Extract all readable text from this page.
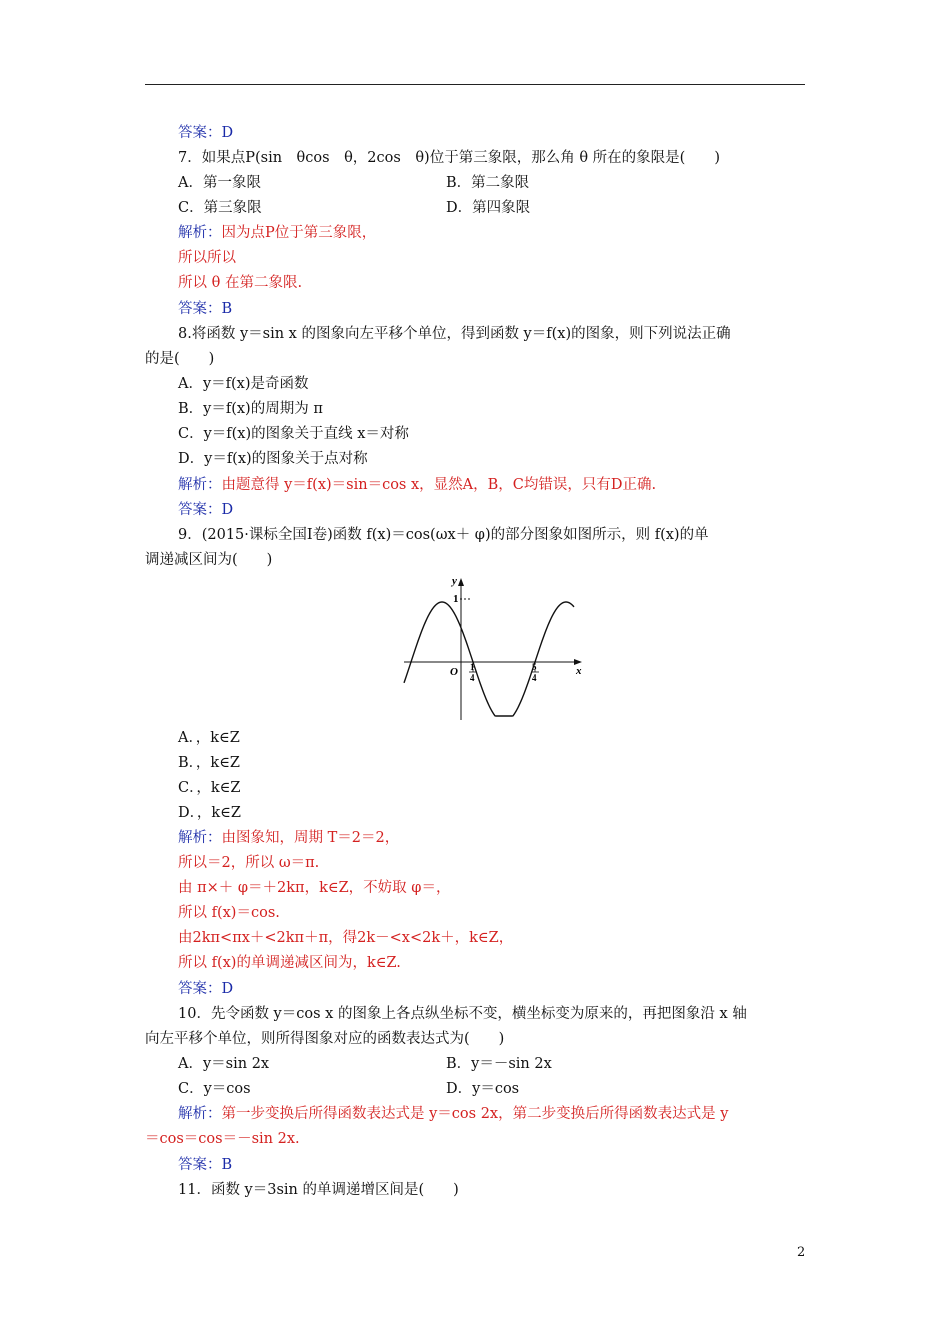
答案：D
7．如果点P(sin　θcos　θ，2cos　θ)位于第三象限，那么角 θ 所在的象限是(　　)
A．第一象限	B．第二象限
C．第三象限	D．第四象限
解析：因为点P位于第三象限，
所以所以
所以 θ 在第二象限.
答案：B
8.将函数 y＝sin x 的图象向左平移个单位，得到函数 y＝f(x)的图象，则下列说法正确
的是(　　)
A．y＝f(x)是奇函数
B．y＝f(x)的周期为 π
C．y＝f(x)的图象关于直线 x＝对称
D．y＝f(x)的图象关于点对称
解析：由题意得 y＝f(x)＝sin＝cos x，显然A，B，C均错误，只有D正确.
答案：D
9．(2015·课标全国Ⅰ卷)函数 f(x)＝cos(ωx＋ φ)的部分图象如图所示，则 f(x)的单
调递减区间为(　　)
A．，k∈Z
B．，k∈Z
C．，k∈Z
D．，k∈Z
解析：由图象知，周期 T＝2＝2，
所以＝2，所以 ω＝π.
由 π×＋ φ＝＋2kπ，k∈Z，不妨取 φ＝，
所以 f(x)＝cos.
由2kπ<πx＋<2kπ＋π，得2k－<x<2k＋，k∈Z，
所以 f(x)的单调递减区间为，k∈Z.
答案：D
10．先令函数 y＝cos x 的图象上各点纵坐标不变，横坐标变为原来的，再把图象沿 x 轴
向左平移个单位，则所得图象对应的函数表达式为(　　)
A．y＝sin 2x	B．y＝－sin 2x
C．y＝cos	D．y＝cos
解析：第一步变换后所得函数表达式是 y＝cos 2x，第二步变换后所得函数表达式是 y
＝cos＝cos＝－sin 2x.
答案：B
11．函数 y＝3sin 的单调递增区间是(　　)
y
x
O
1
1
4
5
4
2
